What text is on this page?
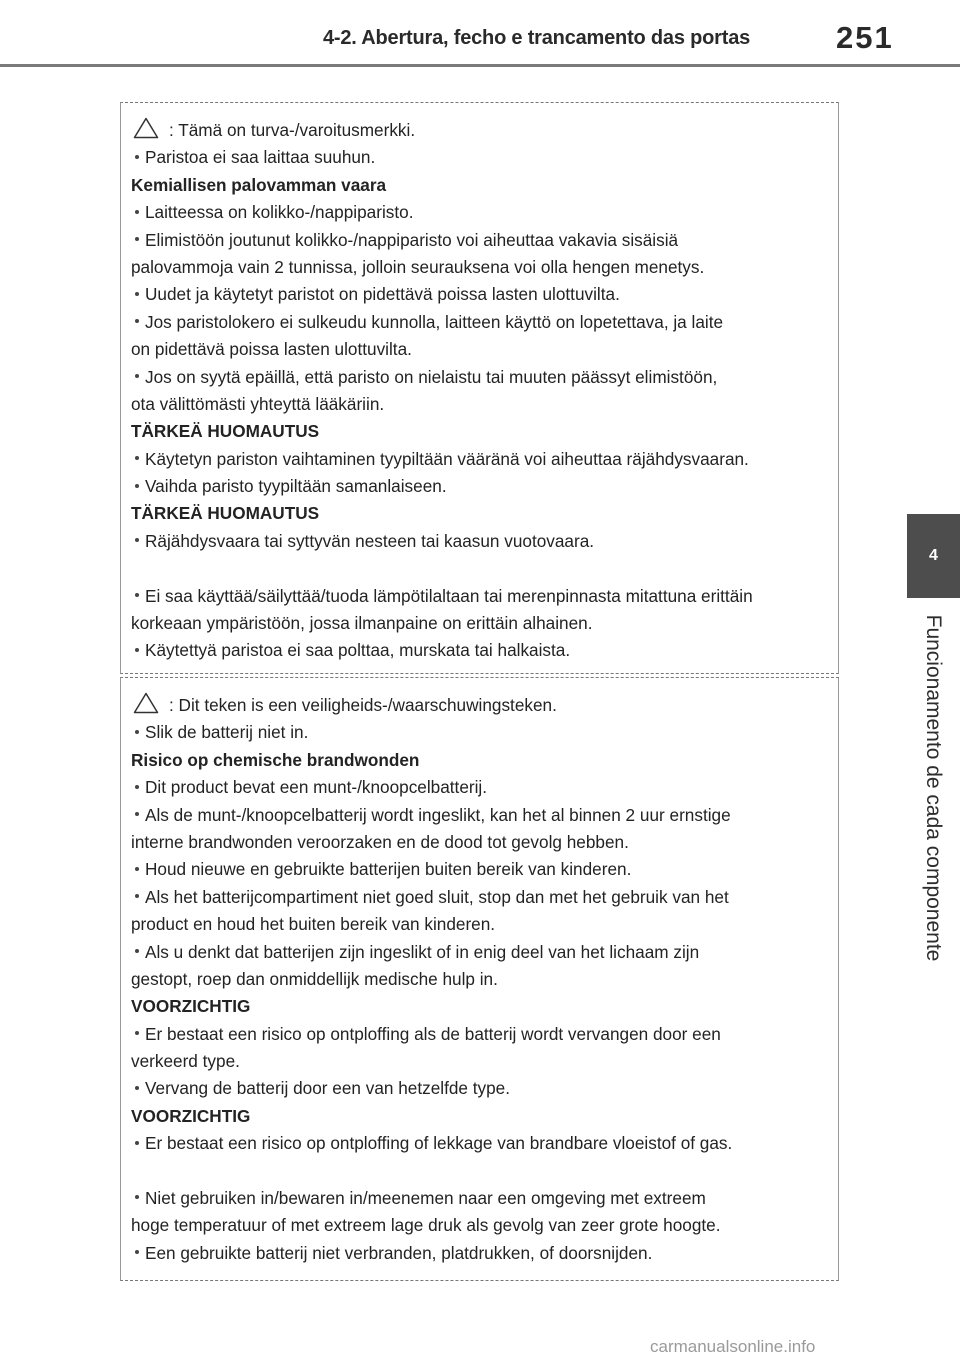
4-2. Abertura, fecho e trancamento das portas	251
4
Funcionamento de cada componente
: Tämä on turva-/varoitusmerkki.
Paristoa ei saa laittaa suuhun.
Kemiallisen palovamman vaara
Laitteessa on kolikko-/nappiparisto.
Elimistöön joutunut kolikko-/nappiparisto voi aiheuttaa vakavia sisäisiä
palovammoja vain 2 tunnissa, jolloin seurauksena voi olla hengen menetys.
Uudet ja käytetyt paristot on pidettävä poissa lasten ulottuvilta.
Jos paristolokero ei sulkeudu kunnolla, laitteen käyttö on lopetettava, ja laite
on pidettävä poissa lasten ulottuvilta.
Jos on syytä epäillä, että paristo on nielaistu tai muuten päässyt elimistöön,
ota välittömästi yhteyttä lääkäriin.
TÄRKEÄ HUOMAUTUS
Käytetyn pariston vaihtaminen tyypiltään vääränä voi aiheuttaa räjähdysvaaran.
Vaihda paristo tyypiltään samanlaiseen.
TÄRKEÄ HUOMAUTUS
Räjähdysvaara tai syttyvän nesteen tai kaasun vuotovaara.
Ei saa käyttää/säilyttää/tuoda lämpötilaltaan tai merenpinnasta mitattuna erittäin
korkeaan ympäristöön, jossa ilmanpaine on erittäin alhainen.
Käytettyä paristoa ei saa polttaa, murskata tai halkaista.
: Dit teken is een veiligheids-/waarschuwingsteken.
Slik de batterij niet in.
Risico op chemische brandwonden
Dit product bevat een munt-/knoopcelbatterij.
Als de munt-/knoopcelbatterij wordt ingeslikt, kan het al binnen 2 uur ernstige
interne brandwonden veroorzaken en de dood tot gevolg hebben.
Houd nieuwe en gebruikte batterijen buiten bereik van kinderen.
Als het batterijcompartiment niet goed sluit, stop dan met het gebruik van het
product en houd het buiten bereik van kinderen.
Als u denkt dat batterijen zijn ingeslikt of in enig deel van het lichaam zijn
gestopt, roep dan onmiddellijk medische hulp in.
VOORZICHTIG
Er bestaat een risico op ontploffing als de batterij wordt vervangen door een
verkeerd type.
Vervang de batterij door een van hetzelfde type.
VOORZICHTIG
Er bestaat een risico op ontploffing of lekkage van brandbare vloeistof of gas.
Niet gebruiken in/bewaren in/meenemen naar een omgeving met extreem
hoge temperatuur of met extreem lage druk als gevolg van zeer grote hoogte.
Een gebruikte batterij niet verbranden, platdrukken, of doorsnijden.
carmanualsonline.info
